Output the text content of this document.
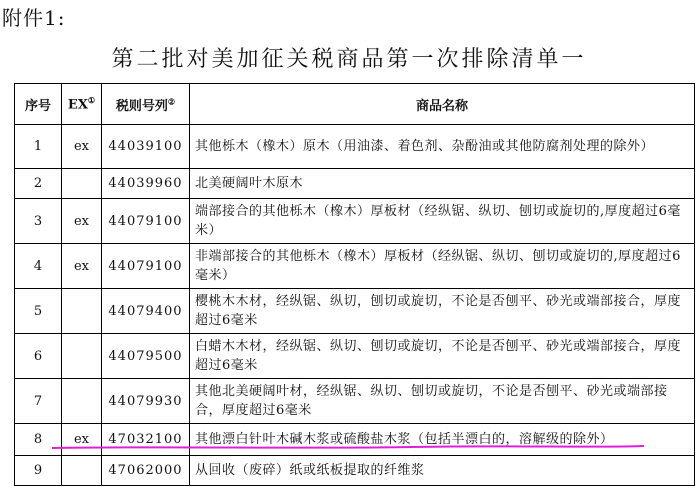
附件1:
第二批对美加征关税商品第一次排除清单一
序号	EX①	税则号列②	商品名称
1	ex	44039100	其他栎木（橡木）原木（用油漆、着色剂、杂酚油或其他防腐剂处理的除外）
2		44039960	北美硬阔叶木原木
3	ex	44079100	端部接合的其他栎木（橡木）厚板材（经纵锯、纵切、刨切或旋切的,厚度超过6毫米）
4	ex	44079100	非端部接合的其他栎木（橡木）厚板材（经纵锯、纵切、刨切或旋切的,厚度超过6毫米）
5		44079400	樱桃木木材，经纵锯、纵切，刨切或旋切，不论是否刨平、砂光或端部接合，厚度超过6毫米
6		44079500	白蜡木木材，经纵锯、纵切、刨切或旋切，不论是否刨平、砂光或端部接合，厚度超过6毫米
7		44079930	其他北美硬阔叶材，经纵锯、纵切、刨切或旋切，不论是否刨平、砂光或端部接合，厚度超过6毫米
8	ex	47032100	其他漂白针叶木碱木浆或硫酸盐木浆（包括半漂白的，溶解级的除外）
9		47062000	从回收（废碎）纸或纸板提取的纤维浆
